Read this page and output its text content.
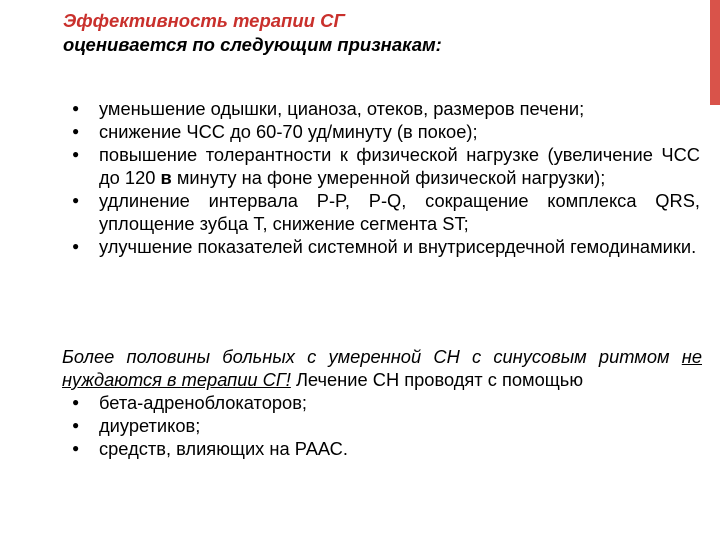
Эффективность терапии СГ
оценивается по следующим признакам:
● уменьшение одышки, цианоза, отеков, размеров печени;
● снижение ЧСС до 60-70 уд/минуту (в покое);
● повышение толерантности к физической нагрузке (увеличение ЧСС до 120 в минуту на фоне умеренной физической нагрузки);
● удлинение интервала P-P, P-Q, сокращение комплекса QRS, уплощение зубца Т, снижение сегмента ST;
● улучшение показателей системной и внутрисердечной гемодинамики.
Более половины больных с умеренной СН с синусовым ритмом не нуждаются в терапии СГ! Лечение СН проводят с помощью
● бета-адреноблокаторов;
● диуретиков;
● средств, влияющих на РААС.
